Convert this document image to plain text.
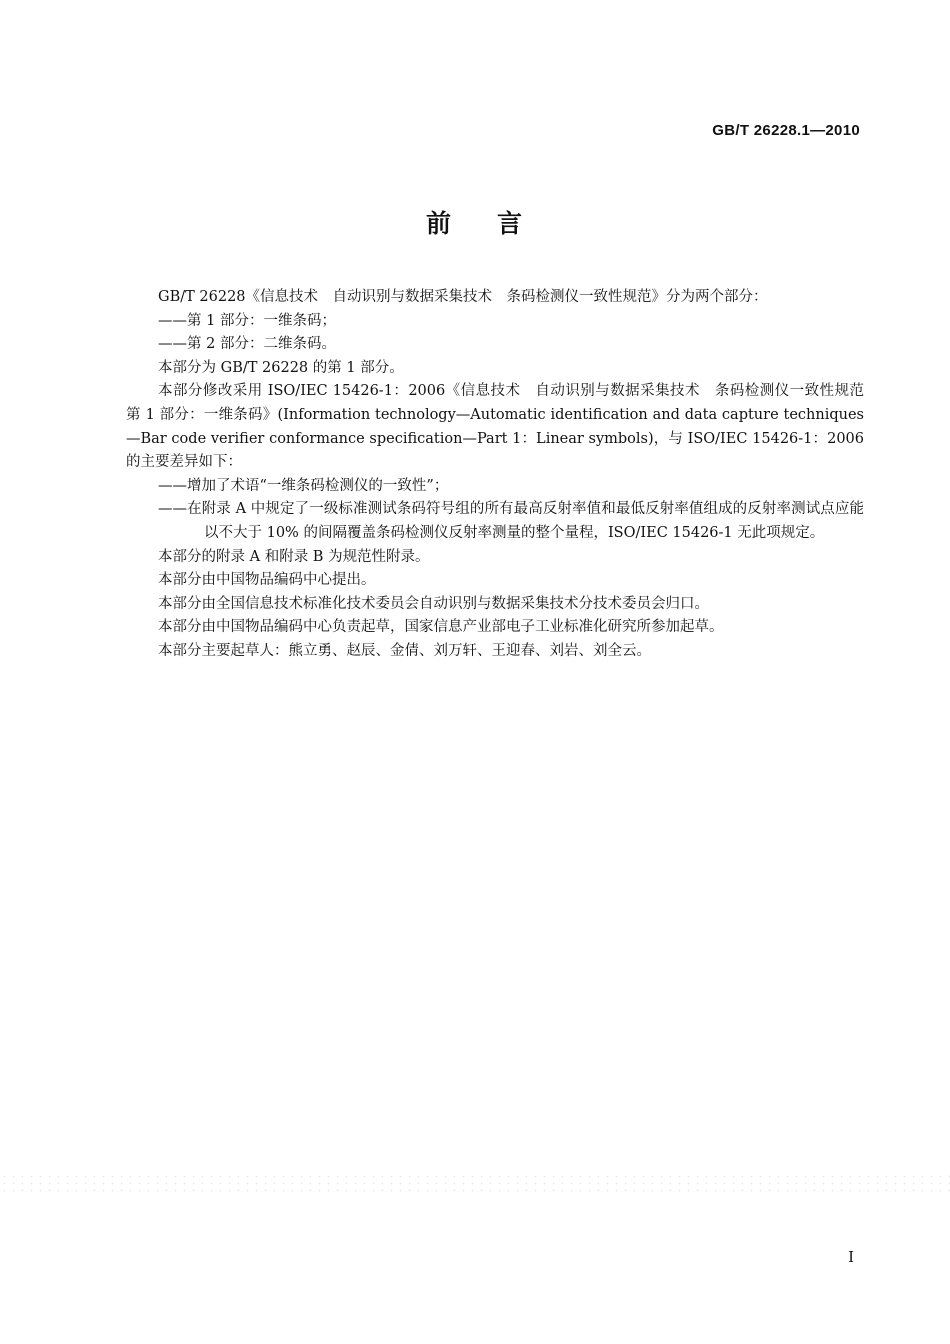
GB/T 26228.1—2010
前 言

GB/T 26228《信息技术　自动识别与数据采集技术　条码检测仪一致性规范》分为两个部分：

——第 1 部分：一维条码；

——第 2 部分：二维条码。

本部分为 GB/T 26228 的第 1 部分。

本部分修改采用 ISO/IEC 15426-1：2006《信息技术　自动识别与数据采集技术　条码检测仪一致性规范　第 1 部分：一维条码》(Information technology—Automatic identification and data capture techniques—Bar code verifier conformance specification—Part 1：Linear symbols)，与 ISO/IEC 15426-1：2006 的主要差异如下：

——增加了术语“一维条码检测仪的一致性”；

——在附录 A 中规定了一级标准测试条码符号组的所有最高反射率值和最低反射率值组成的反射率测试点应能以不大于 10% 的间隔覆盖条码检测仪反射率测量的整个量程，ISO/IEC 15426-1 无此项规定。

本部分的附录 A 和附录 B 为规范性附录。

本部分由中国物品编码中心提出。

本部分由全国信息技术标准化技术委员会自动识别与数据采集技术分技术委员会归口。

本部分由中国物品编码中心负责起草，国家信息产业部电子工业标准化研究所参加起草。

本部分主要起草人：熊立勇、赵辰、金倩、刘万轩、王迎春、刘岩、刘全云。

I
